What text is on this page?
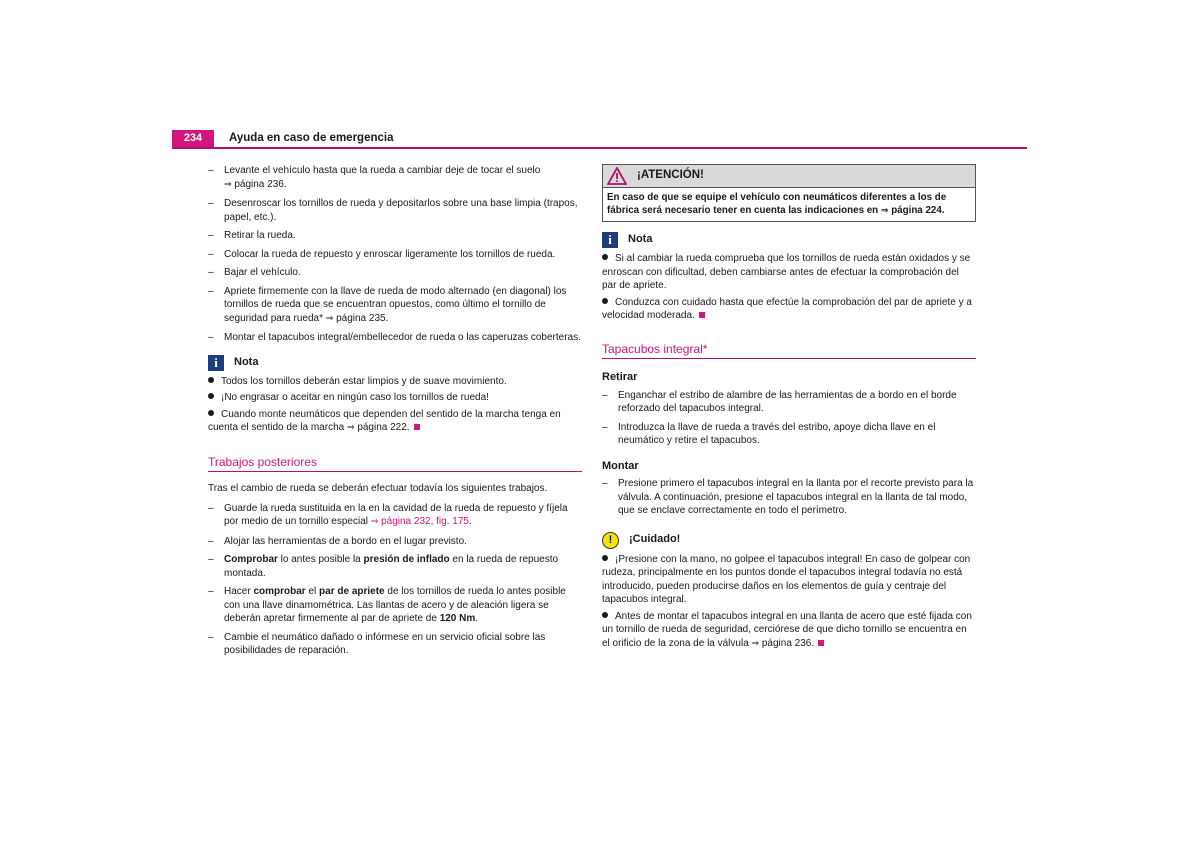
234	Ayuda en caso de emergencia
– Levante el vehículo hasta que la rueda a cambiar deje de tocar el suelo
⇒ página 236.
– Desenroscar los tornillos de rueda y depositarlos sobre una base limpia (trapos, papel, etc.).
– Retirar la rueda.
– Colocar la rueda de repuesto y enroscar ligeramente los tornillos de rueda.
– Bajar el vehículo.
– Apriete firmemente con la llave de rueda de modo alternado (en diagonal) los tornillos de rueda que se encuentran opuestos, como último el tornillo de seguridad para rueda* ⇒ página 235.
– Montar el tapacubos integral/embellecedor de rueda o las caperuzas coberteras.
i	Nota
Todos los tornillos deberán estar limpios y de suave movimiento.
¡No engrasar o aceitar en ningún caso los tornillos de rueda!
Cuando monte neumáticos que dependen del sentido de la marcha tenga en cuenta el sentido de la marcha ⇒ página 222.
Trabajos posteriores
Tras el cambio de rueda se deberán efectuar todavía los siguientes trabajos.
– Guarde la rueda sustituida en la en la cavidad de la rueda de repuesto y fíjela por medio de un tornillo especial ⇒ página 232, fig. 175.
– Alojar las herramientas de a bordo en el lugar previsto.
– Comprobar lo antes posible la presión de inflado en la rueda de repuesto montada.
– Hacer comprobar el par de apriete de los tornillos de rueda lo antes posible con una llave dinamométrica. Las llantas de acero y de aleación ligera se deberán apretar firmemente al par de apriete de 120 Nm.
– Cambie el neumático dañado o infórmese en un servicio oficial sobre las posibilidades de reparación.
¡ATENCIÓN!
En caso de que se equipe el vehículo con neumáticos diferentes a los de fábrica será necesario tener en cuenta las indicaciones en ⇒ página 224.
i	Nota
Si al cambiar la rueda comprueba que los tornillos de rueda están oxidados y se enroscan con dificultad, deben cambiarse antes de efectuar la comprobación del par de apriete.
Conduzca con cuidado hasta que efectúe la comprobación del par de apriete y a velocidad moderada.
Tapacubos integral*
Retirar
– Enganchar el estribo de alambre de las herramientas de a bordo en el borde reforzado del tapacubos integral.
– Introduzca la llave de rueda a través del estribo, apoye dicha llave en el neumático y retire el tapacubos.
Montar
– Presione primero el tapacubos integral en la llanta por el recorte previsto para la válvula. A continuación, presione el tapacubos integral en la llanta de tal modo, que se enclave correctamente en todo el perímetro.
!	¡Cuidado!
¡Presione con la mano, no golpee el tapacubos integral! En caso de golpear con rudeza, principalmente en los puntos donde el tapacubos integral todavía no está introducido, pueden producirse daños en los elementos de guía y centraje del tapacubos integral.
Antes de montar el tapacubos integral en una llanta de acero que esté fijada con un tornillo de rueda de seguridad, cerciórese de que dicho tornillo se encuentra en el orificio de la zona de la válvula ⇒ página 236.
